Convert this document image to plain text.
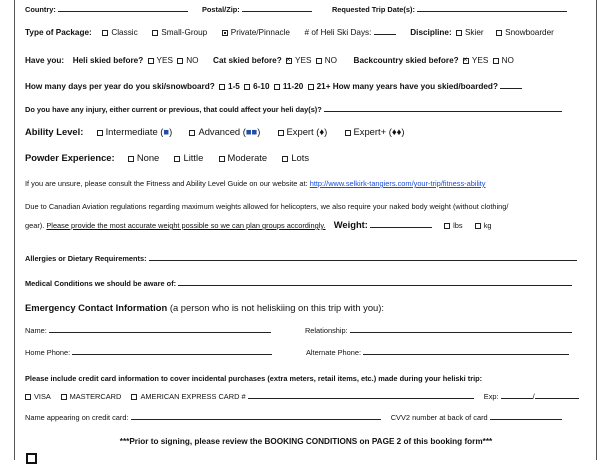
Country:	Postal/Zip:	Requested Trip Date(s):
Type of Package: Classic	Small-Group	Private/Pinnacle # of Heli Ski Days:	Discipline: Skier	Snowboarder
Have you: Heli skied before? YES NO Cat skied before? × YES NO Backcountry skied before? × YES NO
How many days per year do you ski/snowboard? 1-5 6-10 11-20 21+ How many years have you skied/boarded?
Do you have any injury, either current or previous, that could affect your heli day(s)?
Ability Level: Intermediate (■)	Advanced (■■)	Expert (♦)	Expert+ (♦♦)
Powder Experience: None	Little	Moderate	Lots
If you are unsure, please consult the Fitness and Ability Level Guide on our website at: http://www.selkirk-tangiers.com/your-trip/fitness-ability
Due to Canadian Aviation regulations regarding maximum weights allowed for helicopters, we also require your naked body weight (without clothing/
gear). Please provide the most accurate weight possible so we can plan groups accordingly. Weight:	lbs	kg
Allergies or Dietary Requirements:
Medical Conditions we should be aware of:
Emergency Contact Information (a person who is not heliskiing on this trip with you):
Name:	Relationship:
Home Phone:	Alternate Phone:
Please include credit card information to cover incidental purchases (extra meters, retail items, etc.) made during your heliski trip:
VISA	MASTERCARD	AMERICAN EXPRESS CARD #	Exp:	/
Name appearing on credit card:	CVV2 number at back of card
***Prior to signing, please review the BOOKING CONDITIONS on PAGE 2 of this booking form***
